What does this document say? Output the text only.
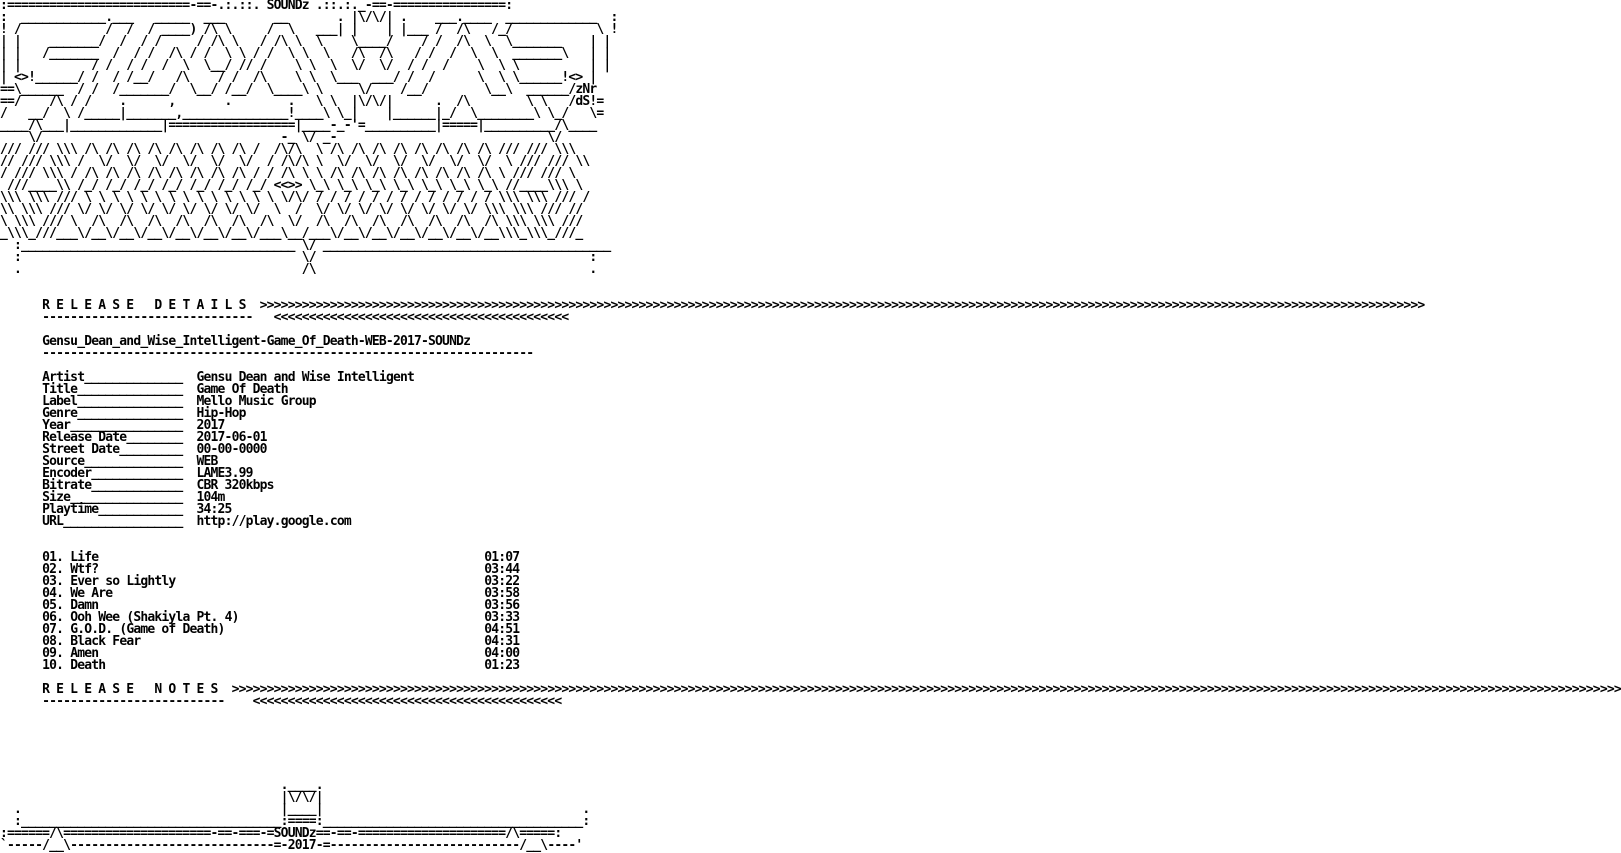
:==========================-==-.:.::. SOUNDz .::.:._-==-================:
:  ____________.___   _____  ___       __       . |\/\/| .    ___.____  _____________  :
! /            /  /  / ____) /\ \     /  \   ___| |    | |___ /  /\   /_/            \ !
| |    _______/  /  / /     / /\ \   / /\ \  \    \____/    / /  /\  \  \_______    | |
| |   /_______  /  / /  /\ / /  \ \ / /  \ \  \   /\  /\   / /  /  \  \  _______\   | |
| |          / /  / /  /  \  \__/ // /    \ \  \  \/  \/  / /  /    \  \ \          | |
| <>!______/ /  / /__/   /\    / /  /\    \ \  \___  ___/ /  /      \  \ \______!<> |
==\______  / /  /_______/  \__/ /__/  \____\ \     \/    /__/        \__\  ______/zNr
==/    /\ / /    .      ,       .        .   \ \  |\/\/|      .  /\        \ \   /dS!=
/   __/  \ /_____|_______,_______________!____\ \_|    |______|_/  \________\ \_/   \=
____/\___|_____________|==================|____-_-'=__________|=====|__________/\____
\/                                  -_ \/ _-                              \/
/// /// \\\ /\ /\ /\ /\ /\ /\ /\ /\ /  /\/\  \ /\ /\ /\ /\ /\ /\ /\ /\ /// /// \\\
// /// \\\ /  \/  \/  \/  \/  \/  \/  / /\/\ \  \/  \/  \/  \/  \/  \/  \ /// /// \\
/ /// \\\ / /\ /\ /\ /\ /\ /\ /\ /\ / / /\ \ \ /\ /\ /\ /\ /\ /\ /\ /\ \ /// /// \
///____\\ /_/ /_/ /_/ /_/ /_/ /_/ /_/ <<>> \_\ \_\ \_\ \_\ \_\ \_\ \_\ //____\\\ \
\\\ \\\ /// \ \ \ \ \ \ \ \ \ \ \ \ \ \ \/\/ / / / / / / / / / / / / / \\\ \\\ /// /
\\ \\\ /// \/ \/ \/ \/ \/ \/ \/ \/ \/  \  /  \/ \/ \/ \/ \/ \/ \/ \/ \\\ \\\ /// //
\ \\\ /// \  /\  /\  /\  /\  /\  /\  /\  \/  /\  /\  /\  /\  /\  /\  /\ \\\ \\\ ///
_\\\_///___\/__\/__\/__\/__\/__\/__\/___\__/___\/__\/__\/__\/__\/__\/__\\\_\\\_///_
:_______________________________________ \/ _________________________________________
:                                        \/                                       :
.                                        /\                                       .

R E L E A S E   D E T A I L S  >>>>>>>>>>>>>>>>>>>>>>>>>>>>>>>>>>>>>>>>>>>>>>>>>>>>>>>>>>>>>>>>>>>>>>>>>>>>>>>>>>>>>>>>>>>>>>>>>>>>>>>>>>>>>>>>>>>>>>>>>>>>>>>>>>>>>>>>>>>>>>>>>>>>>>>>>>>>>>>>>>>>>>
------------------------------   <<<<<<<<<<<<<<<<<<<<<<<<<<<<<<<<<<<<<<<<<<

Gensu_Dean_and_Wise_Intelligent-Game_Of_Death-WEB-2017-SOUNDz
----------------------------------------------------------------------

Artist______________  Gensu Dean and Wise Intelligent
Title_______________  Game Of Death
Label_______________  Mello Music Group
Genre_______________  Hip-Hop
Year________________  2017
Release Date________  2017-06-01
Street Date_________  00-00-0000
Source______________  WEB
Encoder_____________  LAME3.99
Bitrate_____________  CBR 320kbps
Size________________  104m
Playtime____________  34:25
URL_________________  http://play.google.com

01. Life	01:07
02. Wtf?	03:44
03. Ever so Lightly	03:22
04. We Are	03:58
05. Damn	03:56
06. Ooh Wee (Shakiyla Pt. 4)	03:33
07. G.O.D. (Game of Death)	04:51
08. Black Fear	04:31
09. Amen	04:00
10. Death	01:23

R E L E A S E   N O T E S  >>>>>>>>>>>>>>>>>>>>>>>>>>>>>>>>>>>>>>>>>>>>>>>>>>>>>>>>>>>>>>>>>>>>>>>>>>>>>>>>>>>>>>>>>>>>>>>>>>>>>>>>>>>>>>>>>>>>>>>>>>>>>>>>>>>>>>>>>>>>>>>>>>>>>>>>>>>>>>>>>>>>>>>>>>>>>>>>>>>>>>>>>>>>>>>>>>>>>>
--------------------------    <<<<<<<<<<<<<<<<<<<<<<<<<<<<<<<<<<<<<<<<<<<<

.____.
|\/\/|
.                                     |____|                                     .
:_____________________________________:====:_____________________________________:
:======/\=====================-==-===-=SOUNDz==-==-=====================/\=====:
`-----/__\-----------------------------=-2017-=---------------------------/__\----'
